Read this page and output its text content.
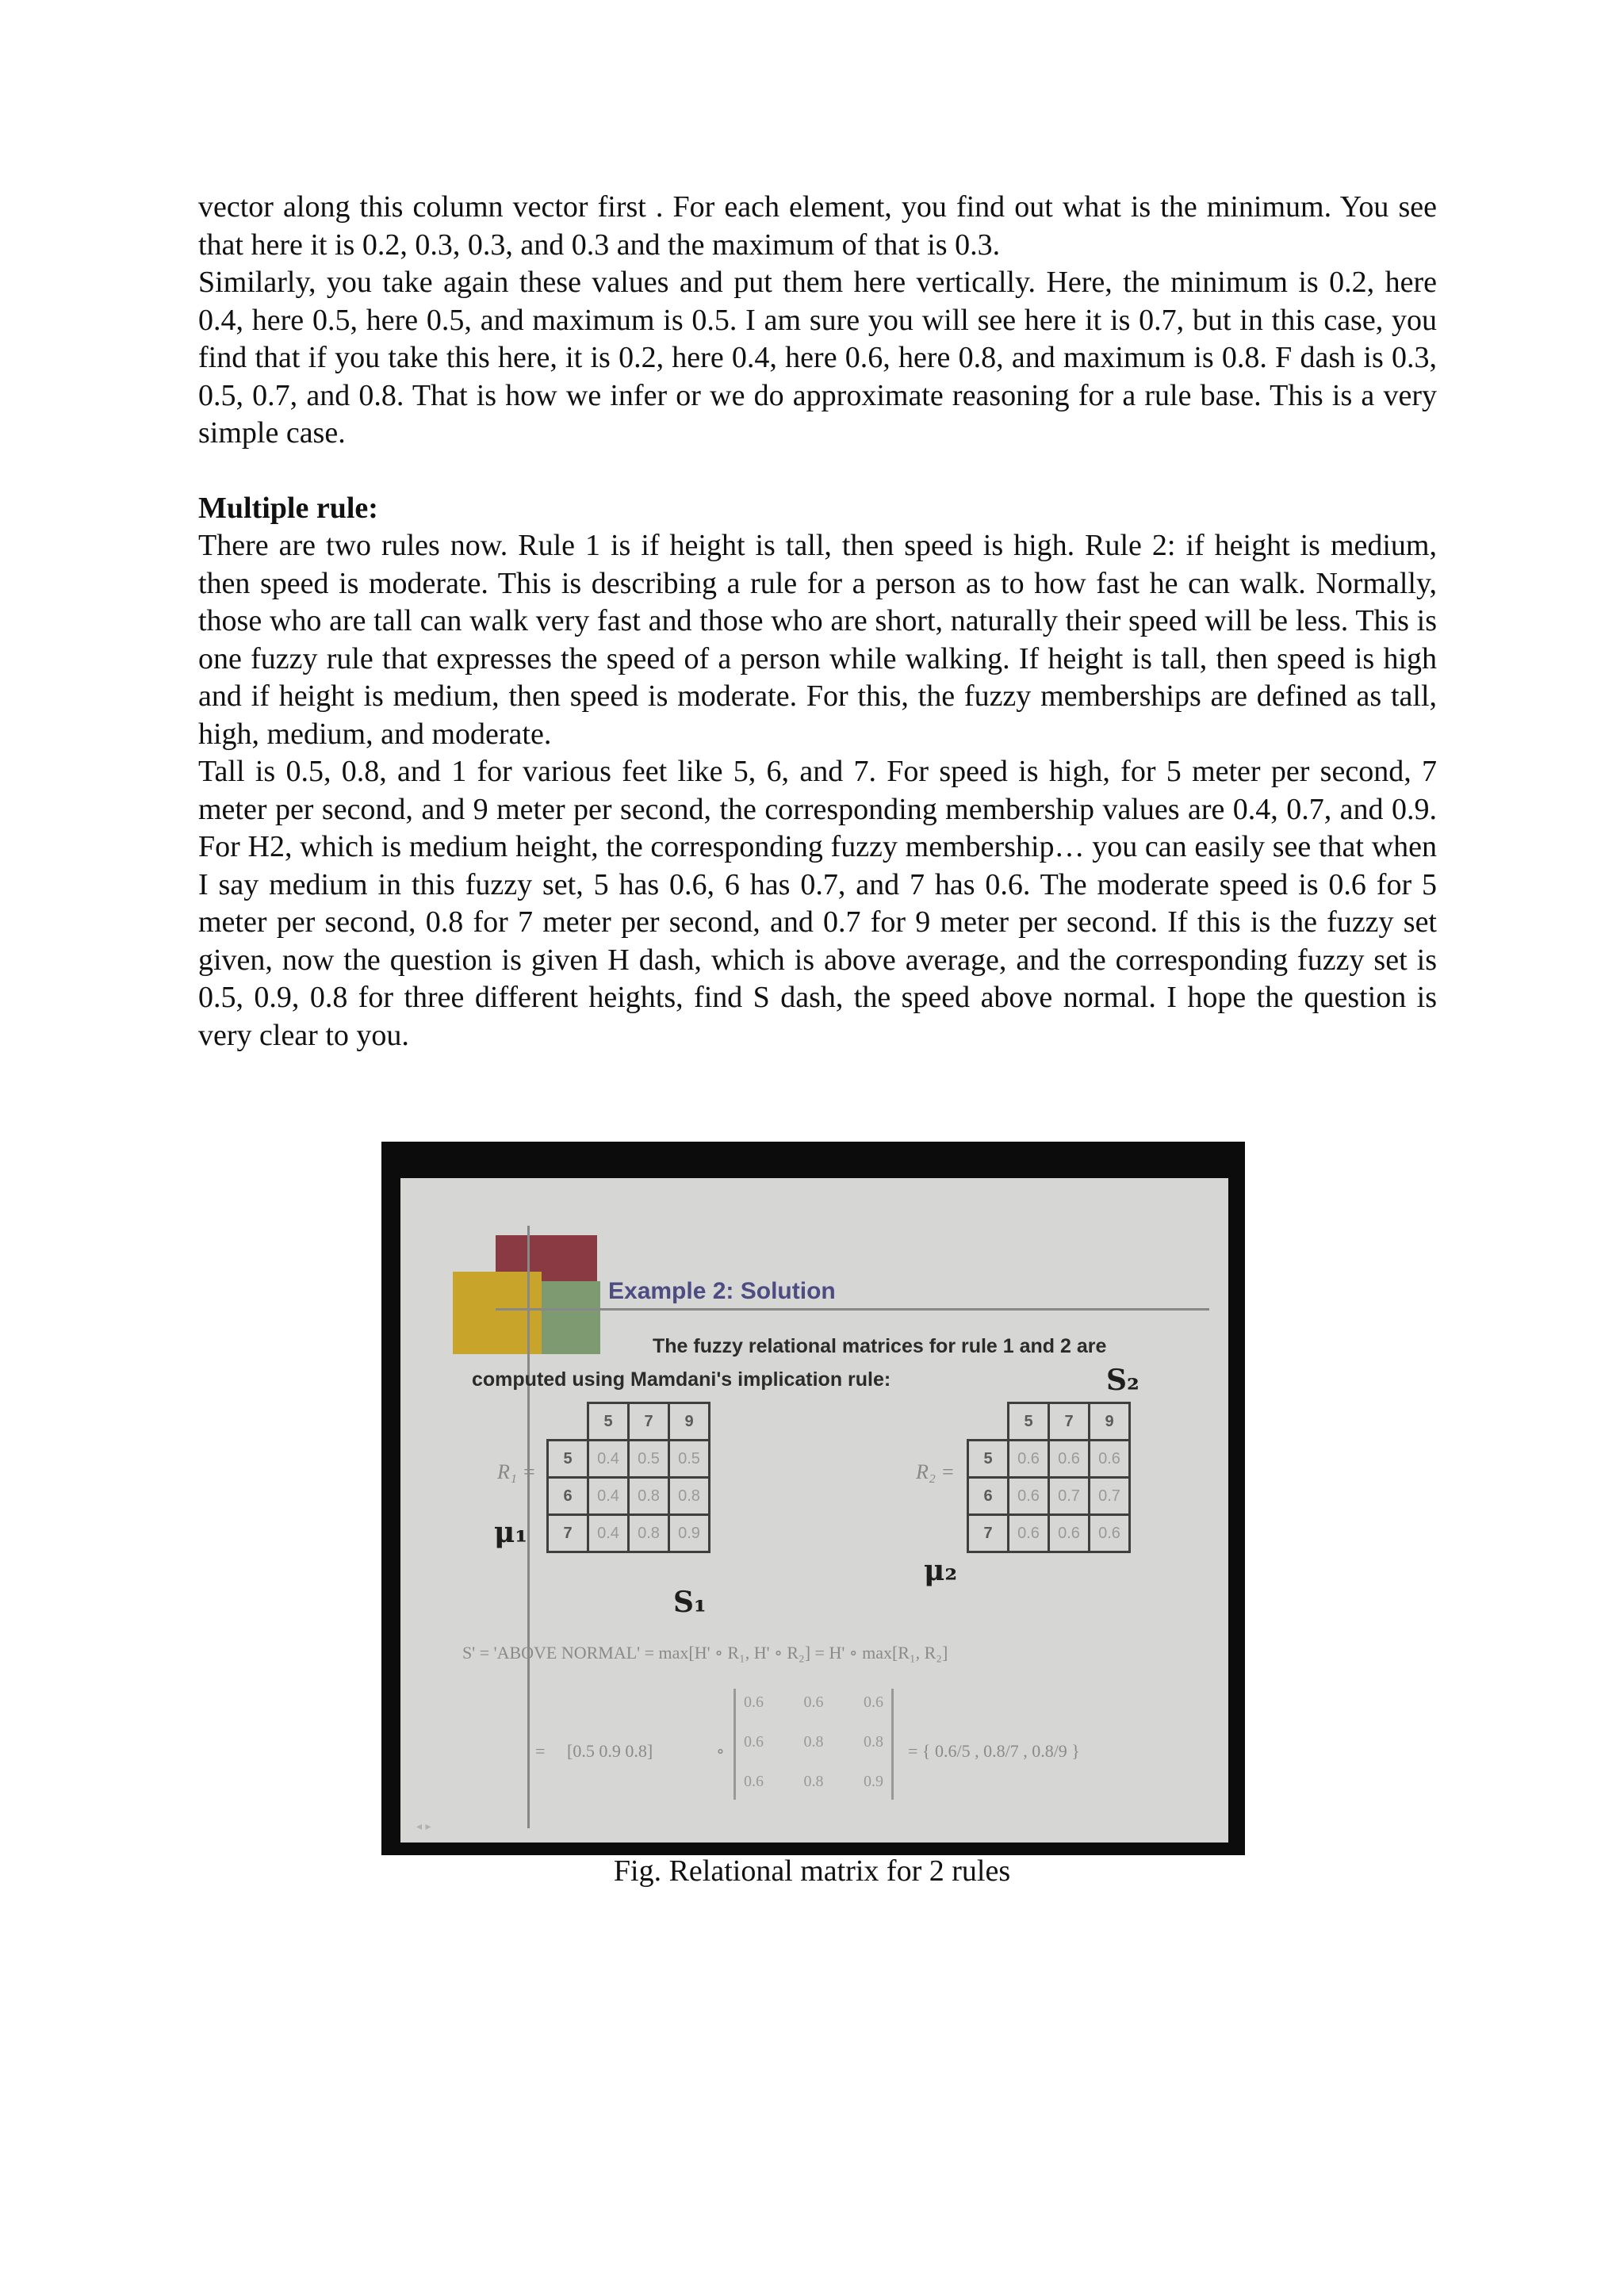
vector along this column vector first . For each element, you find out what is the minimum. You see that here it is 0.2, 0.3, 0.3, and 0.3 and the maximum of that is 0.3.

Similarly, you take again these values and put them here vertically. Here, the minimum is 0.2, here 0.4, here 0.5, here 0.5, and maximum is 0.5. I am sure you will see here it is 0.7, but in this case, you find that if you take this here, it is 0.2, here 0.4, here 0.6, here 0.8, and maximum is 0.8. F dash is 0.3, 0.5, 0.7, and 0.8. That is how we infer or we do approximate reasoning for a rule base. This is a very simple case.

Multiple rule:

There are two rules now. Rule 1 is if height is tall, then speed is high. Rule 2: if height is medium, then speed is moderate. This is describing a rule for a person as to how fast he can walk. Normally, those who are tall can walk very fast and those who are short, naturally their speed will be less. This is one fuzzy rule that expresses the speed of a person while walking. If height is tall, then speed is high and if height is medium, then speed is moderate. For this, the fuzzy memberships are defined as tall, high, medium, and moderate.

Tall is 0.5, 0.8, and 1 for various feet like 5, 6, and 7. For speed is high, for 5 meter per second, 7 meter per second, and 9 meter per second, the corresponding membership values are 0.4, 0.7, and 0.9. For H2, which is medium height, the corresponding fuzzy membership… you can easily see that when I say medium in this fuzzy set, 5 has 0.6, 6 has 0.7, and 7 has 0.6. The moderate speed is 0.6 for 5 meter per second, 0.8 for 7 meter per second, and 0.7 for 9 meter per second. If this is the fuzzy set given, now the question is given H dash, which is above average, and the corresponding fuzzy set is 0.5, 0.9, 0.8 for three different heights, find S dash, the speed above normal. I hope the question is very clear to you.

Example 2: Solution
The fuzzy relational matrices for rule 1 and 2 are
computed using Mamdani's implication rule:
R₁ =
	5	7	9
5	0.4	0.5	0.5
6	0.4	0.8	0.8
7	0.4	0.8	0.9
R₂ =
	5	7	9
5	0.6	0.6	0.6
6	0.6	0.7	0.7
7	0.6	0.6	0.6
μ₁
S₁
μ₂
S₂
S' = 'ABOVE NORMAL' = max[H' ∘ R₁, H' ∘ R₂] = H' ∘ max[R₁, R₂]
= [0.5 0.9 0.8]	∘
0.6	0.6	0.6
0.6	0.8	0.8
0.6	0.8	0.9
= { 0.6/5 , 0.8/7 , 0.8/9 }
◂ ▸
Fig. Relational matrix for 2 rules
